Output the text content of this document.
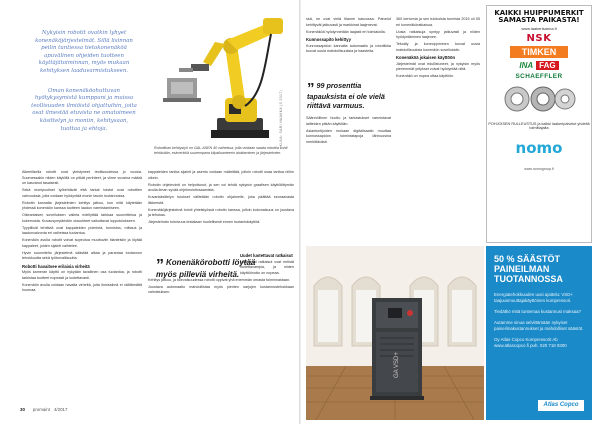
Nykyisin robotit ovatkin lyhyet konenäköjärjestelmät. Sillä lisinnan peilin tuntiessa tietokonenäköä apuvälinen ohjeiden tuotteen käyttäjätoiminnan, myös mukaan kehityksen laaduvarmistukseen.

Oman konenäköohuttuvan hyötykysymistä kumppani ja muissa teollisuuden ilmiöistä ohjattuihin, joita osat ilmestää etuvista ne omatoimeen käsittelyn ja moniin, kehitysaan, tuottaa ja ehtoja.	KUVA: SARI HAAKKA (S 2017)
Robotiikan kehitystyö on GAL-ASEN 40 vaiheissa, jolla voidaan saada robottia kohti tehtävään, esimerkkiä suurempana kilpailuanteerin aloittaminen ja järjestelmien.

Alkeellisella robotit ovat yleistyneet teollisuudessa jo vuosia. Suomessakin niiden käytöllä on pitkät perinteet, ja viime vuosina määrä on kasvanut tasaisesti.

Sekä monipuoliset työtehtävät että tarkat toistot ovat robottien vahvuuksia, joita voidaan hyödyntää monin tavoin tuotannossa.

Robotin kannalta järjestelmien kehitys jatkuu, kun niitä käytetään yhdessä konenäön kanssa tuotteen laadun varmistamiseen.

Oikeanlaisen sovelluksen valinta edellyttää tarkkaa suunnittelua ja kokemusta. Kuvausympäristön olosuhteet vaikuttavat lopputulokseen.

Tyypillisiä tehtäviä ovat kappaleiden poiminta, tunnistus, mittaus ja laadunvalvonta eri vaiheissa tuotantoa.

Konenäön avulla robotit voivat sopeutua muuttuviin tilanteisiin ja löytää kappaleet, joiden sijainti vaihtelee.

Hyvin suunniteltu järjestelmä säästää aikaa ja parantaa tuotannon tehokkuutta sekä työturvallisuutta.

Robotti havaitsee erilaisia virheitä

Myös kameran käyttö on nykyään tavallinen osa tuotantoa, ja robotti tarkistaa tuotteet nopeasti ja luotettavasti.

Konenäön avulla voidaan havaita virheitä, joita ihmissilmä ei välttämättä huomaa.

kappaleiden tarkka sijainti ja asento voidaan määrittää, jolloin robotti osaa tarttua niihin oikein.

Robotin ohjelmointi on helpottunut, ja sen voi tehdä nykyisin graafisen käyttöliittymän avulla ilman syvää ohjelmointiosaamista.

Kuvankäsittelyn tulokset välitetään robotin ohjaimelle, joka päättää seuraavasta liikkeestä.

Konenäköjärjestelmä toimii yhteistyössä robotin kanssa, jolloin kokonaisuus on joustava ja tehokas.

Järjestelmän toimivuus testataan huolellisesti ennen tuotantokäyttöä.

Uudet luotettavat ratkaisut

Uusimmat ratkaisut ovat entistä luotettavampia, ja niiden käyttöönotto on nopeaa.

Kehitys jatkuu, ja tulevaisuudessa robotit oppivat yhä enemmän omasta toiminnastaan.

Joustava automaatio mahdollistaa myös pienten sarjojen kustannustehokkaan valmistuksen.

” Konenäkörobotti löytää myös pilleviä virheitä.
30 promaint 4/2017

skä, ne ovat vielä tilanne kasvussa. Palvelut kehittyvät jatkuvasti ja markkinat laajenevat.

Konenäköä hyödynnetään laajasti eri toimialoilla.

Kunnossapito kehittyy

Kunnossapidon kannalta automaatio ja robotiikka tuovat uusia mahdollisuuksia ja haasteita.

Säännöllinen huolto ja tarkastukset varmistavat laitteiden pitkän käyttöiän.

Asiantuntijoiden mukaan digitalisaatio muuttaa kunnossapidon toimintatapoja lähivuosina merkittävästi.

” 99 prosenttia tapauksista ei ole vielä riittävä varmuus.

360 kertomia ja sen tuloksista tunnista 2015 oli 55 eri konenäköratkaisua.

Uusia ratkaisuja syntyy jatkuvasti ja niiden hyödyntäminen laajenee.

Tekoäly ja koneoppiminen tuovat uusia mahdollisuuksia konenäön sovelluksiin.

Konenäköä jokaisen käyttöön

Järjestelmät ovat edullistuneet, ja nykyisin myös pienemmät yritykset voivat hyödyntää niitä.

Konenäkö on nopea ottaa käyttöön.

KAIKKI HUIPPUMERKIT SAMASTA PAIKASTA!
www.laakerisanna.fi
NSK
TIMKEN
INA FAG
SCHAEFFLER
POHJOISEN RULLEUSTUS ja kaikki laakeripalvelut yhdeltä toimittajalta
nomo
www.nomogroup.fi
GA VSD+
50 % SÄÄSTÖT PAINEILMAN TUOTANNOSSA
Energiatehokkuuden uusi ajattelu: VSD+ taajuusmuuttajakäyttöinen kompressori.
Tiedätkö mitä tuntemaa kustannusi maksaa?
Autamme sinua selvittämään nykyiset paineilmakustannukset ja mahdolliset säästöt.
Oy Atlas Copco Kompressorit Ab www.atlascopco.fi puh. 020 718 9300
Atlas Copco
